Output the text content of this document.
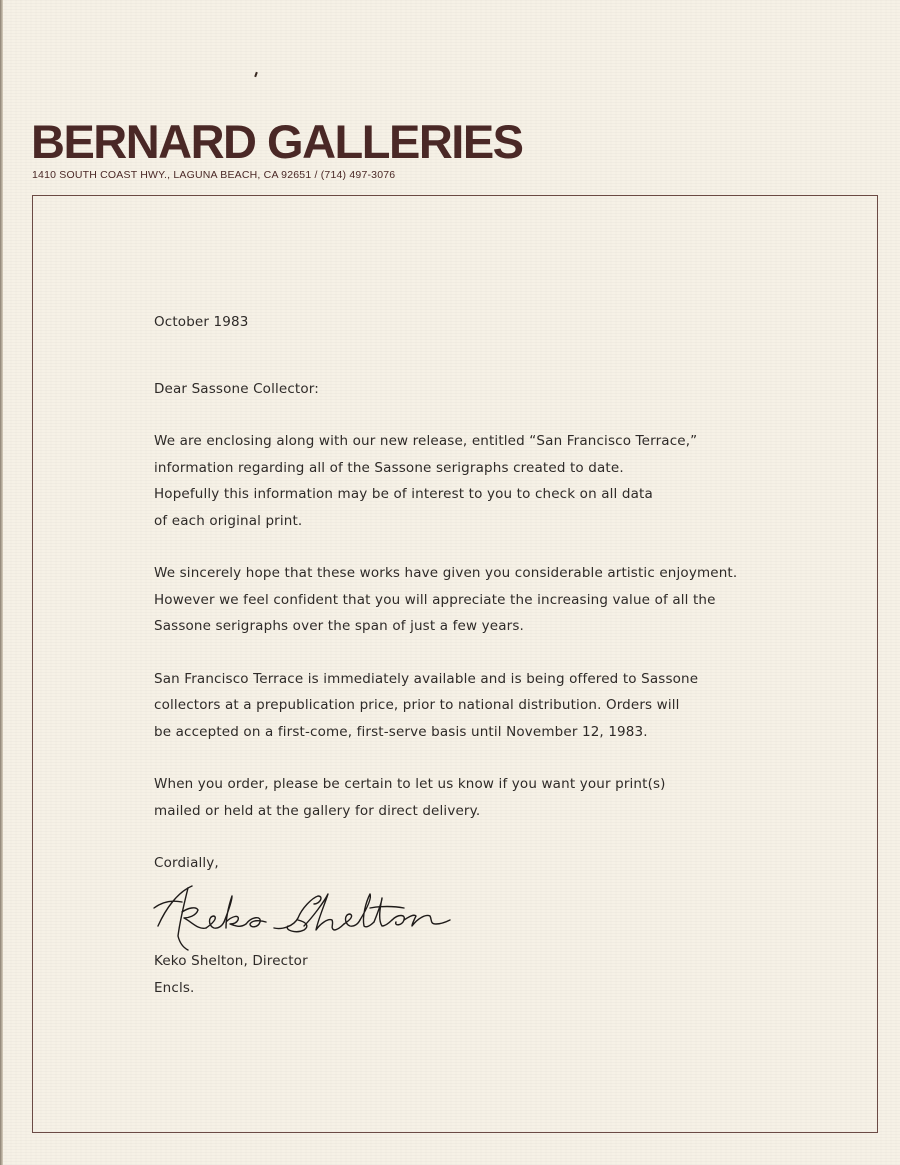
BERNARD GALLERIES
1410 SOUTH COAST HWY., LAGUNA BEACH, CA 92651 / (714) 497-3076

October 1983

Dear Sassone Collector:

We are enclosing along with our new release, entitled “San Francisco Terrace,”

information regarding all of the Sassone serigraphs created to date.

Hopefully this information may be of interest to you to check on all data

of each original print.

We sincerely hope that these works have given you considerable artistic enjoyment.

However we feel confident that you will appreciate the increasing value of all the

Sassone serigraphs over the span of just a few years.

San Francisco Terrace is immediately available and is being offered to Sassone

collectors at a prepublication price, prior to national distribution. Orders will

be accepted on a first-come, first-serve basis until November 12, 1983.

When you order, please be certain to let us know if you want your print(s)

mailed or held at the gallery for direct delivery.

Cordially,

Keko Shelton, Director

Encls.
